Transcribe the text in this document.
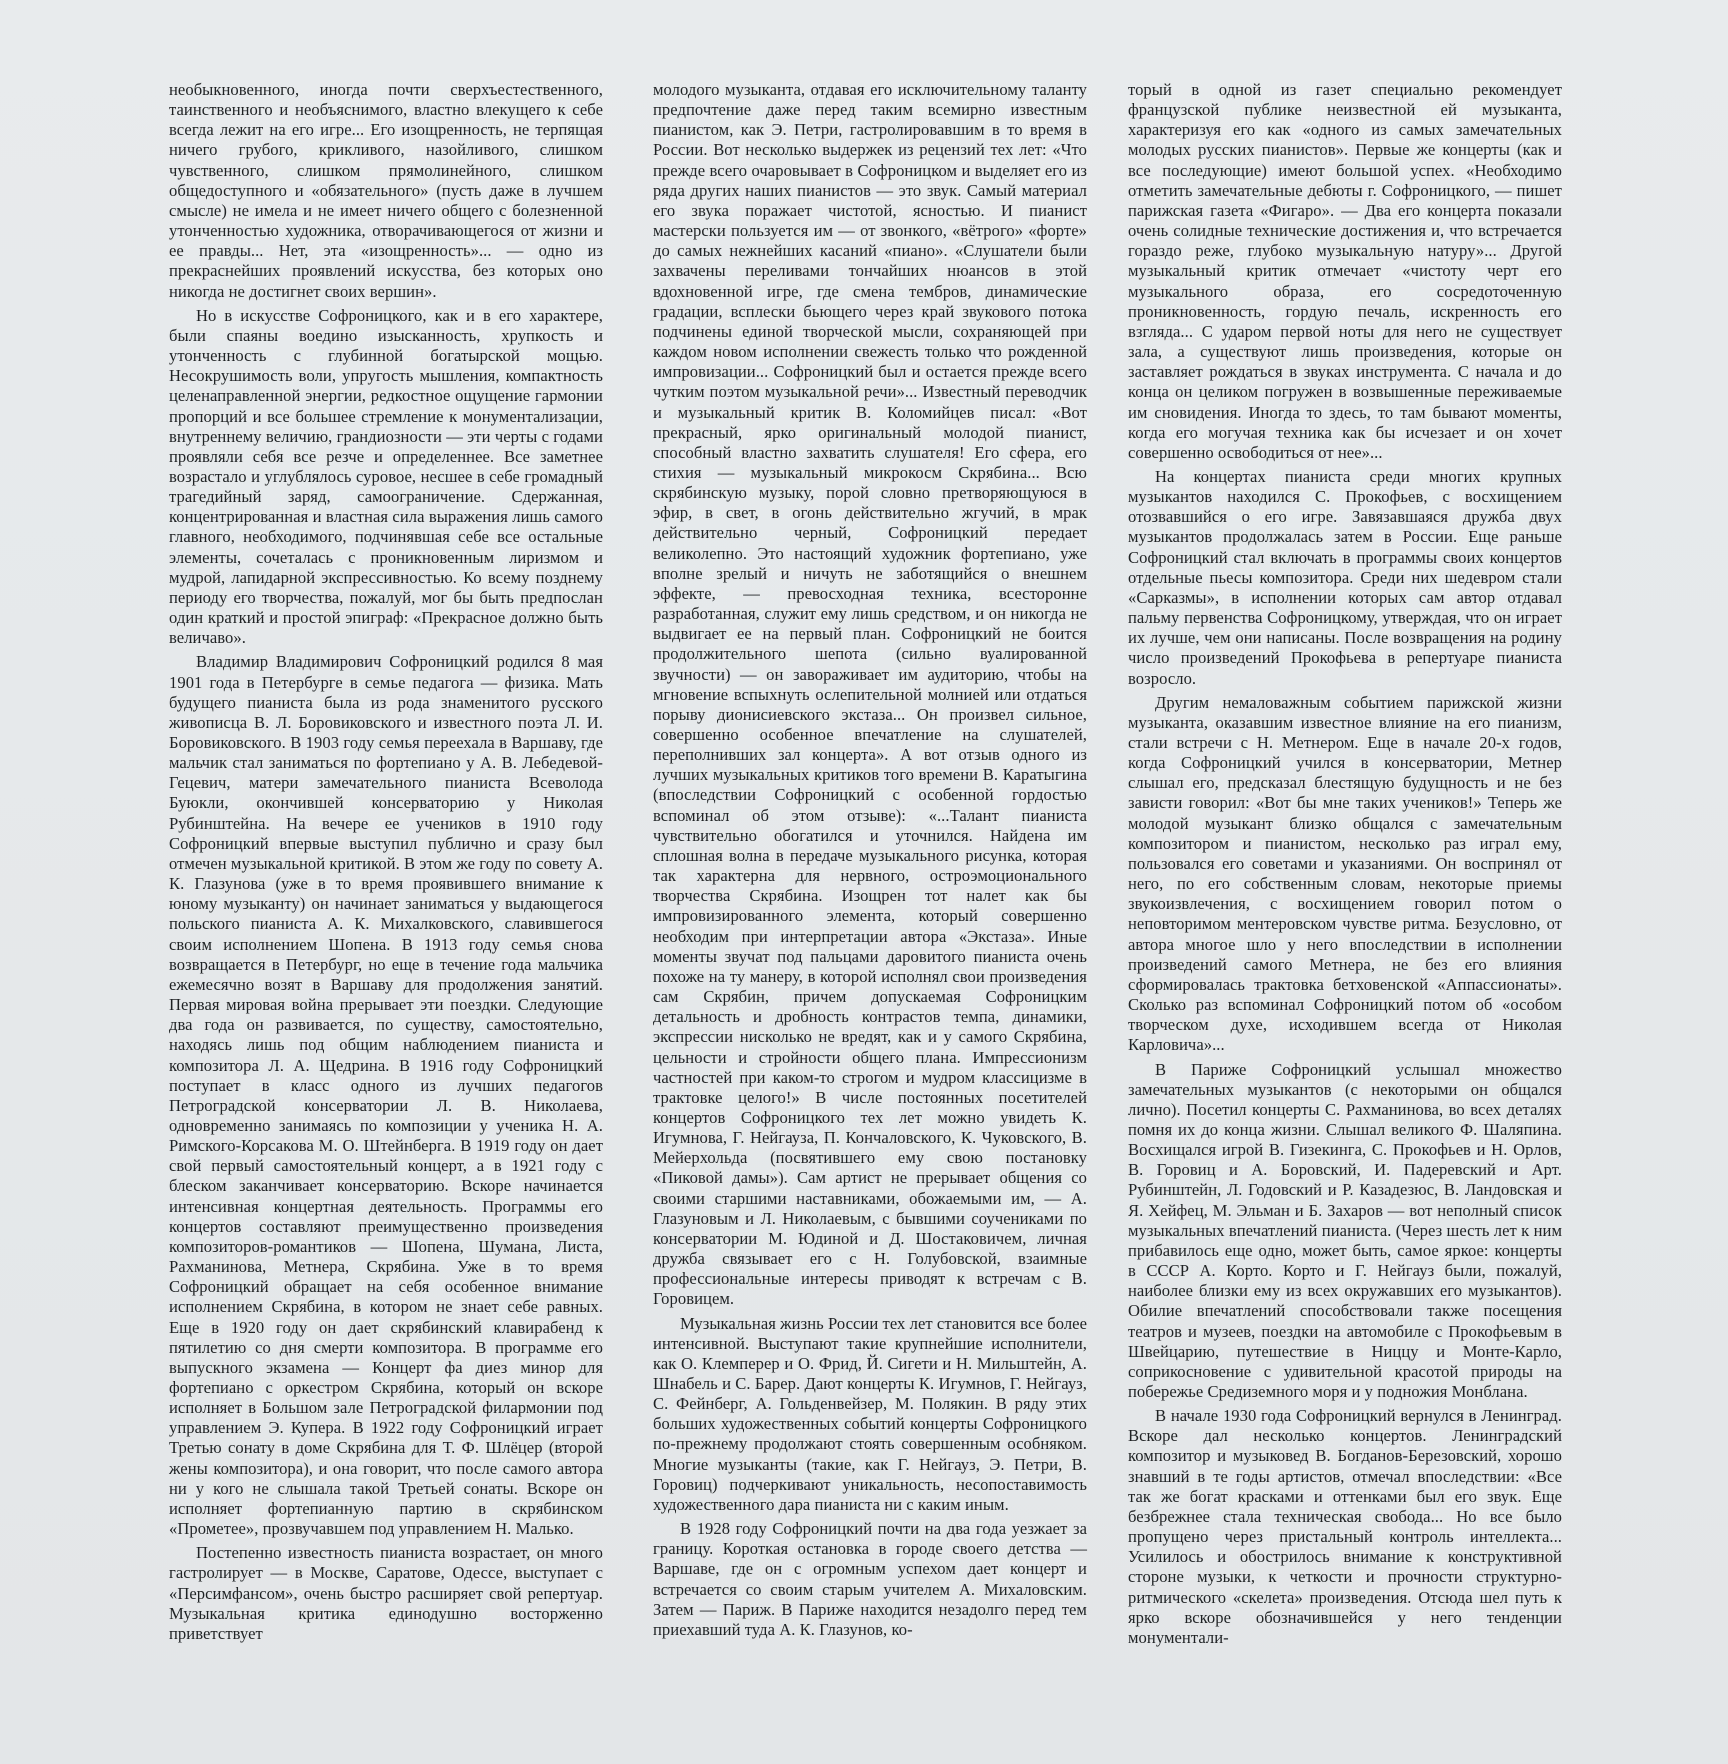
необыкновенного, иногда почти сверхъестественного, таинственного и необъяснимого, властно влекущего к себе всегда лежит на его игре... Его изощренность, не терпящая ничего грубого, крикливого, назойливого, слишком чувственного, слишком прямолинейного, слишком общедоступного и «обязательного» (пусть даже в лучшем смысле) не имела и не имеет ничего общего с болезненной утонченностью художника, отворачивающегося от жизни и ее правды... Нет, эта «изощренность»... — одно из прекраснейших проявлений искусства, без которых оно никогда не достигнет своих вершин».

Но в искусстве Софроницкого, как и в его характере, были спаяны воедино изысканность, хрупкость и утонченность с глубинной богатырской мощью. Несокрушимость воли, упругость мышления, компактность целенаправленной энергии, редкостное ощущение гармонии пропорций и все большее стремление к монументализации, внутреннему величию, грандиозности — эти черты с годами проявляли себя все резче и определеннее. Все заметнее возрастало и углублялось суровое, несшее в себе громадный трагедийный заряд, самоограничение. Сдержанная, концентрированная и властная сила выражения лишь самого главного, необходимого, подчинявшая себе все остальные элементы, сочеталась с проникновенным лиризмом и мудрой, лапидарной экспрессивностью. Ко всему позднему периоду его творчества, пожалуй, мог бы быть предпослан один краткий и простой эпиграф: «Прекрасное должно быть величаво».

Владимир Владимирович Софроницкий родился 8 мая 1901 года в Петербурге в семье педагога — физика. Мать будущего пианиста была из рода знаменитого русского живописца В. Л. Боровиковского и известного поэта Л. И. Боровиковского. В 1903 году семья переехала в Варшаву, где мальчик стал заниматься по фортепиано у А. В. Лебедевой-Гецевич, матери замечательного пианиста Всеволода Буюкли, окончившей консерваторию у Николая Рубинштейна. На вечере ее учеников в 1910 году Софроницкий впервые выступил публично и сразу был отмечен музыкальной критикой. В этом же году по совету А. К. Глазунова (уже в то время проявившего внимание к юному музыканту) он начинает заниматься у выдающегося польского пианиста А. К. Михалковского, славившегося своим исполнением Шопена. В 1913 году семья снова возвращается в Петербург, но еще в течение года мальчика ежемесячно возят в Варшаву для продолжения занятий. Первая мировая война прерывает эти поездки. Следующие два года он развивается, по существу, самостоятельно, находясь лишь под общим наблюдением пианиста и композитора Л. А. Щедрина. В 1916 году Софроницкий поступает в класс одного из лучших педагогов Петроградской консерватории Л. В. Николаева, одновременно занимаясь по композиции у ученика Н. А. Римского-Корсакова М. О. Штейнберга. В 1919 году он дает свой первый самостоятельный концерт, а в 1921 году с блеском заканчивает консерваторию. Вскоре начинается интенсивная концертная деятельность. Программы его концертов составляют преимущественно произведения композиторов-романтиков — Шопена, Шумана, Листа, Рахманинова, Метнера, Скрябина. Уже в то время Софроницкий обращает на себя особенное внимание исполнением Скрябина, в котором не знает себе равных. Еще в 1920 году он дает скрябинский клавирабенд к пятилетию со дня смерти композитора. В программе его выпускного экзамена — Концерт фа диез минор для фортепиано с оркестром Скрябина, который он вскоре исполняет в Большом зале Петроградской филармонии под управлением Э. Купера. В 1922 году Софроницкий играет Третью сонату в доме Скрябина для Т. Ф. Шлёцер (второй жены композитора), и она говорит, что после самого автора ни у кого не слышала такой Третьей сонаты. Вскоре он исполняет фортепианную партию в скрябинском «Прометее», прозвучавшем под управлением Н. Малько.

Постепенно известность пианиста возрастает, он много гастролирует — в Москве, Саратове, Одессе, выступает с «Персимфансом», очень быстро расширяет свой репертуар. Музыкальная критика единодушно восторженно приветствует

молодого музыканта, отдавая его исключительному таланту предпочтение даже перед таким всемирно известным пианистом, как Э. Петри, гастролировавшим в то время в России. Вот несколько выдержек из рецензий тех лет: «Что прежде всего очаровывает в Софроницком и выделяет его из ряда других наших пианистов — это звук. Самый материал его звука поражает чистотой, ясностью. И пианист мастерски пользуется им — от звонкого, «вётрого» «форте» до самых нежнейших касаний «пиано». «Слушатели были захвачены переливами тончайших нюансов в этой вдохновенной игре, где смена тембров, динамические градации, всплески бьющего через край звукового потока подчинены единой творческой мысли, сохраняющей при каждом новом исполнении свежесть только что рожденной импровизации... Софроницкий был и остается прежде всего чутким поэтом музыкальной речи»... Известный переводчик и музыкальный критик В. Коломийцев писал: «Вот прекрасный, ярко оригинальный молодой пианист, способный властно захватить слушателя! Его сфера, его стихия — музыкальный микрокосм Скрябина... Всю скрябинскую музыку, порой словно претворяющуюся в эфир, в свет, в огонь действительно жгучий, в мрак действительно черный, Софроницкий передает великолепно. Это настоящий художник фортепиано, уже вполне зрелый и ничуть не заботящийся о внешнем эффекте, — превосходная техника, всесторонне разработанная, служит ему лишь средством, и он никогда не выдвигает ее на первый план. Софроницкий не боится продолжительного шепота (сильно вуалированной звучности) — он завораживает им аудиторию, чтобы на мгновение вспыхнуть ослепительной молнией или отдаться порыву дионисиевского экстаза... Он произвел сильное, совершенно особенное впечатление на слушателей, переполнивших зал концерта». А вот отзыв одного из лучших музыкальных критиков того времени В. Каратыгина (впоследствии Софроницкий с особенной гордостью вспоминал об этом отзыве): «...Талант пианиста чувствительно обогатился и уточнился. Найдена им сплошная волна в передаче музыкального рисунка, которая так характерна для нервного, остроэмоционального творчества Скрябина. Изощрен тот налет как бы импровизированного элемента, который совершенно необходим при интерпретации автора «Экстаза». Иные моменты звучат под пальцами даровитого пианиста очень похоже на ту манеру, в которой исполнял свои произведения сам Скрябин, причем допускаемая Софроницким детальность и дробность контрастов темпа, динамики, экспрессии нисколько не вредят, как и у самого Скрябина, цельности и стройности общего плана. Импрессионизм частностей при каком-то строгом и мудром классицизме в трактовке целого!» В числе постоянных посетителей концертов Софроницкого тех лет можно увидеть К. Игумнова, Г. Нейгауза, П. Кончаловского, К. Чуковского, В. Мейерхольда (посвятившего ему свою постановку «Пиковой дамы»). Сам артист не прерывает общения со своими старшими наставниками, обожаемыми им, — А. Глазуновым и Л. Николаевым, с бывшими соучениками по консерватории М. Юдиной и Д. Шостаковичем, личная дружба связывает его с Н. Голубовской, взаимные профессиональные интересы приводят к встречам с В. Горовицем.

Музыкальная жизнь России тех лет становится все более интенсивной. Выступают такие крупнейшие исполнители, как О. Клемперер и О. Фрид, Й. Сигети и Н. Мильштейн, А. Шнабель и С. Барер. Дают концерты К. Игумнов, Г. Нейгауз, С. Фейнберг, А. Гольденвейзер, М. Полякин. В ряду этих больших художественных событий концерты Софроницкого по-прежнему продолжают стоять совершенным особняком. Многие музыканты (такие, как Г. Нейгауз, Э. Петри, В. Горовиц) подчеркивают уникальность, несопоставимость художественного дара пианиста ни с каким иным.

В 1928 году Софроницкий почти на два года уезжает за границу. Короткая остановка в городе своего детства — Варшаве, где он с огромным успехом дает концерт и встречается со своим старым учителем А. Михаловским. Затем — Париж. В Париже находится незадолго перед тем приехавший туда А. К. Глазунов, ко-

торый в одной из газет специально рекомендует французской публике неизвестной ей музыканта, характеризуя его как «одного из самых замечательных молодых русских пианистов». Первые же концерты (как и все последующие) имеют большой успех. «Необходимо отметить замечательные дебюты г. Софроницкого, — пишет парижская газета «Фигаро». — Два его концерта показали очень солидные технические достижения и, что встречается гораздо реже, глубоко музыкальную натуру»... Другой музыкальный критик отмечает «чистоту черт его музыкального образа, его сосредоточенную проникновенность, гордую печаль, искренность его взгляда... С ударом первой ноты для него не существует зала, а существуют лишь произведения, которые он заставляет рождаться в звуках инструмента. С начала и до конца он целиком погружен в возвышенные переживаемые им сновидения. Иногда то здесь, то там бывают моменты, когда его могучая техника как бы исчезает и он хочет совершенно освободиться от нее»...

На концертах пианиста среди многих крупных музыкантов находился С. Прокофьев, с восхищением отозвавшийся о его игре. Завязавшаяся дружба двух музыкантов продолжалась затем в России. Еще раньше Софроницкий стал включать в программы своих концертов отдельные пьесы композитора. Среди них шедевром стали «Сарказмы», в исполнении которых сам автор отдавал пальму первенства Софроницкому, утверждая, что он играет их лучше, чем они написаны. После возвращения на родину число произведений Прокофьева в репертуаре пианиста возросло.

Другим немаловажным событием парижской жизни музыканта, оказавшим известное влияние на его пианизм, стали встречи с Н. Метнером. Еще в начале 20-х годов, когда Софроницкий учился в консерватории, Метнер слышал его, предсказал блестящую будущность и не без зависти говорил: «Вот бы мне таких учеников!» Теперь же молодой музыкант близко общался с замечательным композитором и пианистом, несколько раз играл ему, пользовался его советами и указаниями. Он воспринял от него, по его собственным словам, некоторые приемы звукоизвлечения, с восхищением говорил потом о неповторимом ментеровском чувстве ритма. Безусловно, от автора многое шло у него впоследствии в исполнении произведений самого Метнера, не без его влияния сформировалась трактовка бетховенской «Аппассионаты». Сколько раз вспоминал Софроницкий потом об «особом творческом духе, исходившем всегда от Николая Карловича»...

В Париже Софроницкий услышал множество замечательных музыкантов (с некоторыми он общался лично). Посетил концерты С. Рахманинова, во всех деталях помня их до конца жизни. Слышал великого Ф. Шаляпина. Восхищался игрой В. Гизекинга, С. Прокофьев и Н. Орлов, В. Горовиц и А. Боровский, И. Падеревский и Арт. Рубинштейн, Л. Годовский и Р. Казадезюс, В. Ландовская и Я. Хейфец, М. Эльман и Б. Захаров — вот неполный список музыкальных впечатлений пианиста. (Через шесть лет к ним прибавилось еще одно, может быть, самое яркое: концерты в СССР А. Корто. Корто и Г. Нейгауз были, пожалуй, наиболее близки ему из всех окружавших его музыкантов). Обилие впечатлений способствовали также посещения театров и музеев, поездки на автомобиле с Прокофьевым в Швейцарию, путешествие в Ниццу и Монте-Карло, соприкосновение с удивительной красотой природы на побережье Средиземного моря и у подножия Монблана.

В начале 1930 года Софроницкий вернулся в Ленинград. Вскоре дал несколько концертов. Ленинградский композитор и музыковед В. Богданов-Березовский, хорошо знавший в те годы артистов, отмечал впоследствии: «Все так же богат красками и оттенками был его звук. Еще безбрежнее стала техническая свобода... Но все было пропущено через пристальный контроль интеллекта... Усилилось и обострилось внимание к конструктивной стороне музыки, к четкости и прочности структурно-ритмического «скелета» произведения. Отсюда шел путь к ярко вскоре обозначившейся у него тенденции монументали-
